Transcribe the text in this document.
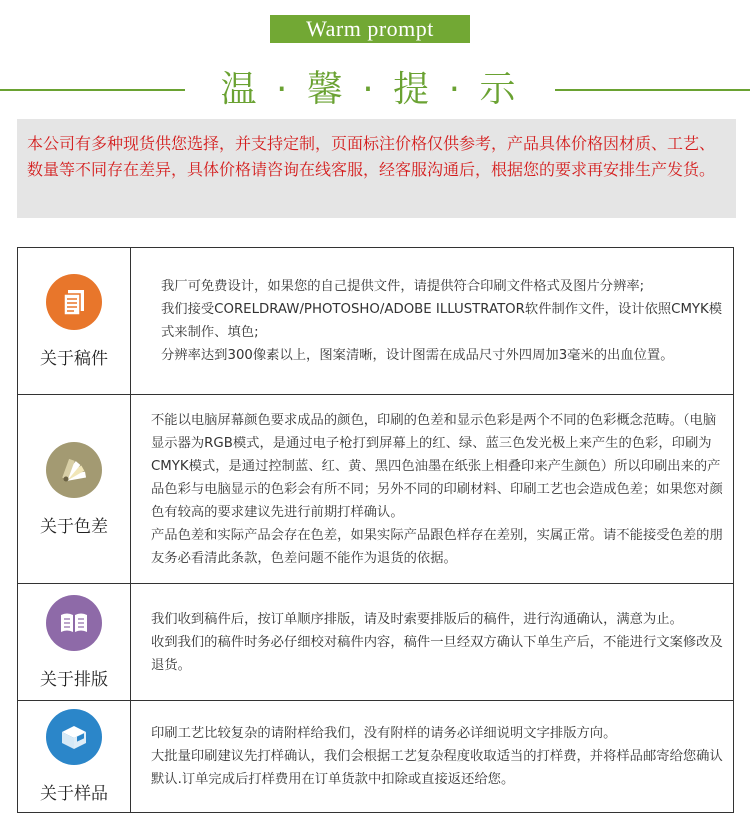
Warm prompt
温 · 馨 · 提 · 示
本公司有多种现货供您选择，并支持定制，页面标注价格仅供参考，产品具体价格因材质、工艺、数量等不同存在差异，具体价格请咨询在线客服，经客服沟通后，根据您的要求再安排生产发货。
关于稿件	我厂可免费设计，如果您的自己提供文件，请提供符合印刷文件格式及图片分辨率;
我们接受CORELDRAW/PHOTOSHO/ADOBE ILLUSTRATOR软件制作文件，设计依照CMYK模式来制作、填色;
分辨率达到300像素以上，图案清晰，设计图需在成品尺寸外四周加3毫米的出血位置。

关于色差	不能以电脑屏幕颜色要求成品的颜色，印刷的色差和显示色彩是两个不同的色彩概念范畴。（电脑显示器为RGB模式，是通过电子枪打到屏幕上的红、绿、蓝三色发光极上来产生的色彩，印刷为CMYK模式，是通过控制蓝、红、黄、黑四色油墨在纸张上相叠印来产生颜色）所以印刷出来的产品色彩与电脑显示的色彩会有所不同；另外不同的印刷材料、印刷工艺也会造成色差；如果您对颜色有较高的要求建议先进行前期打样确认。
产品色差和实际产品会存在色差，如果实际产品跟色样存在差别，实属正常。请不能接受色差的朋友务必看清此条款，色差问题不能作为退货的依据。

关于排版	我们收到稿件后，按订单顺序排版，请及时索要排版后的稿件，进行沟通确认，满意为止。
收到我们的稿件时务必仔细校对稿件内容，稿件一旦经双方确认下单生产后，不能进行文案修改及退货。

关于样品	印刷工艺比较复杂的请附样给我们，没有附样的请务必详细说明文字排版方向。
大批量印刷建议先打样确认，我们会根据工艺复杂程度收取适当的打样费，并将样品邮寄给您确认默认.订单完成后打样费用在订单货款中扣除或直接返还给您。
